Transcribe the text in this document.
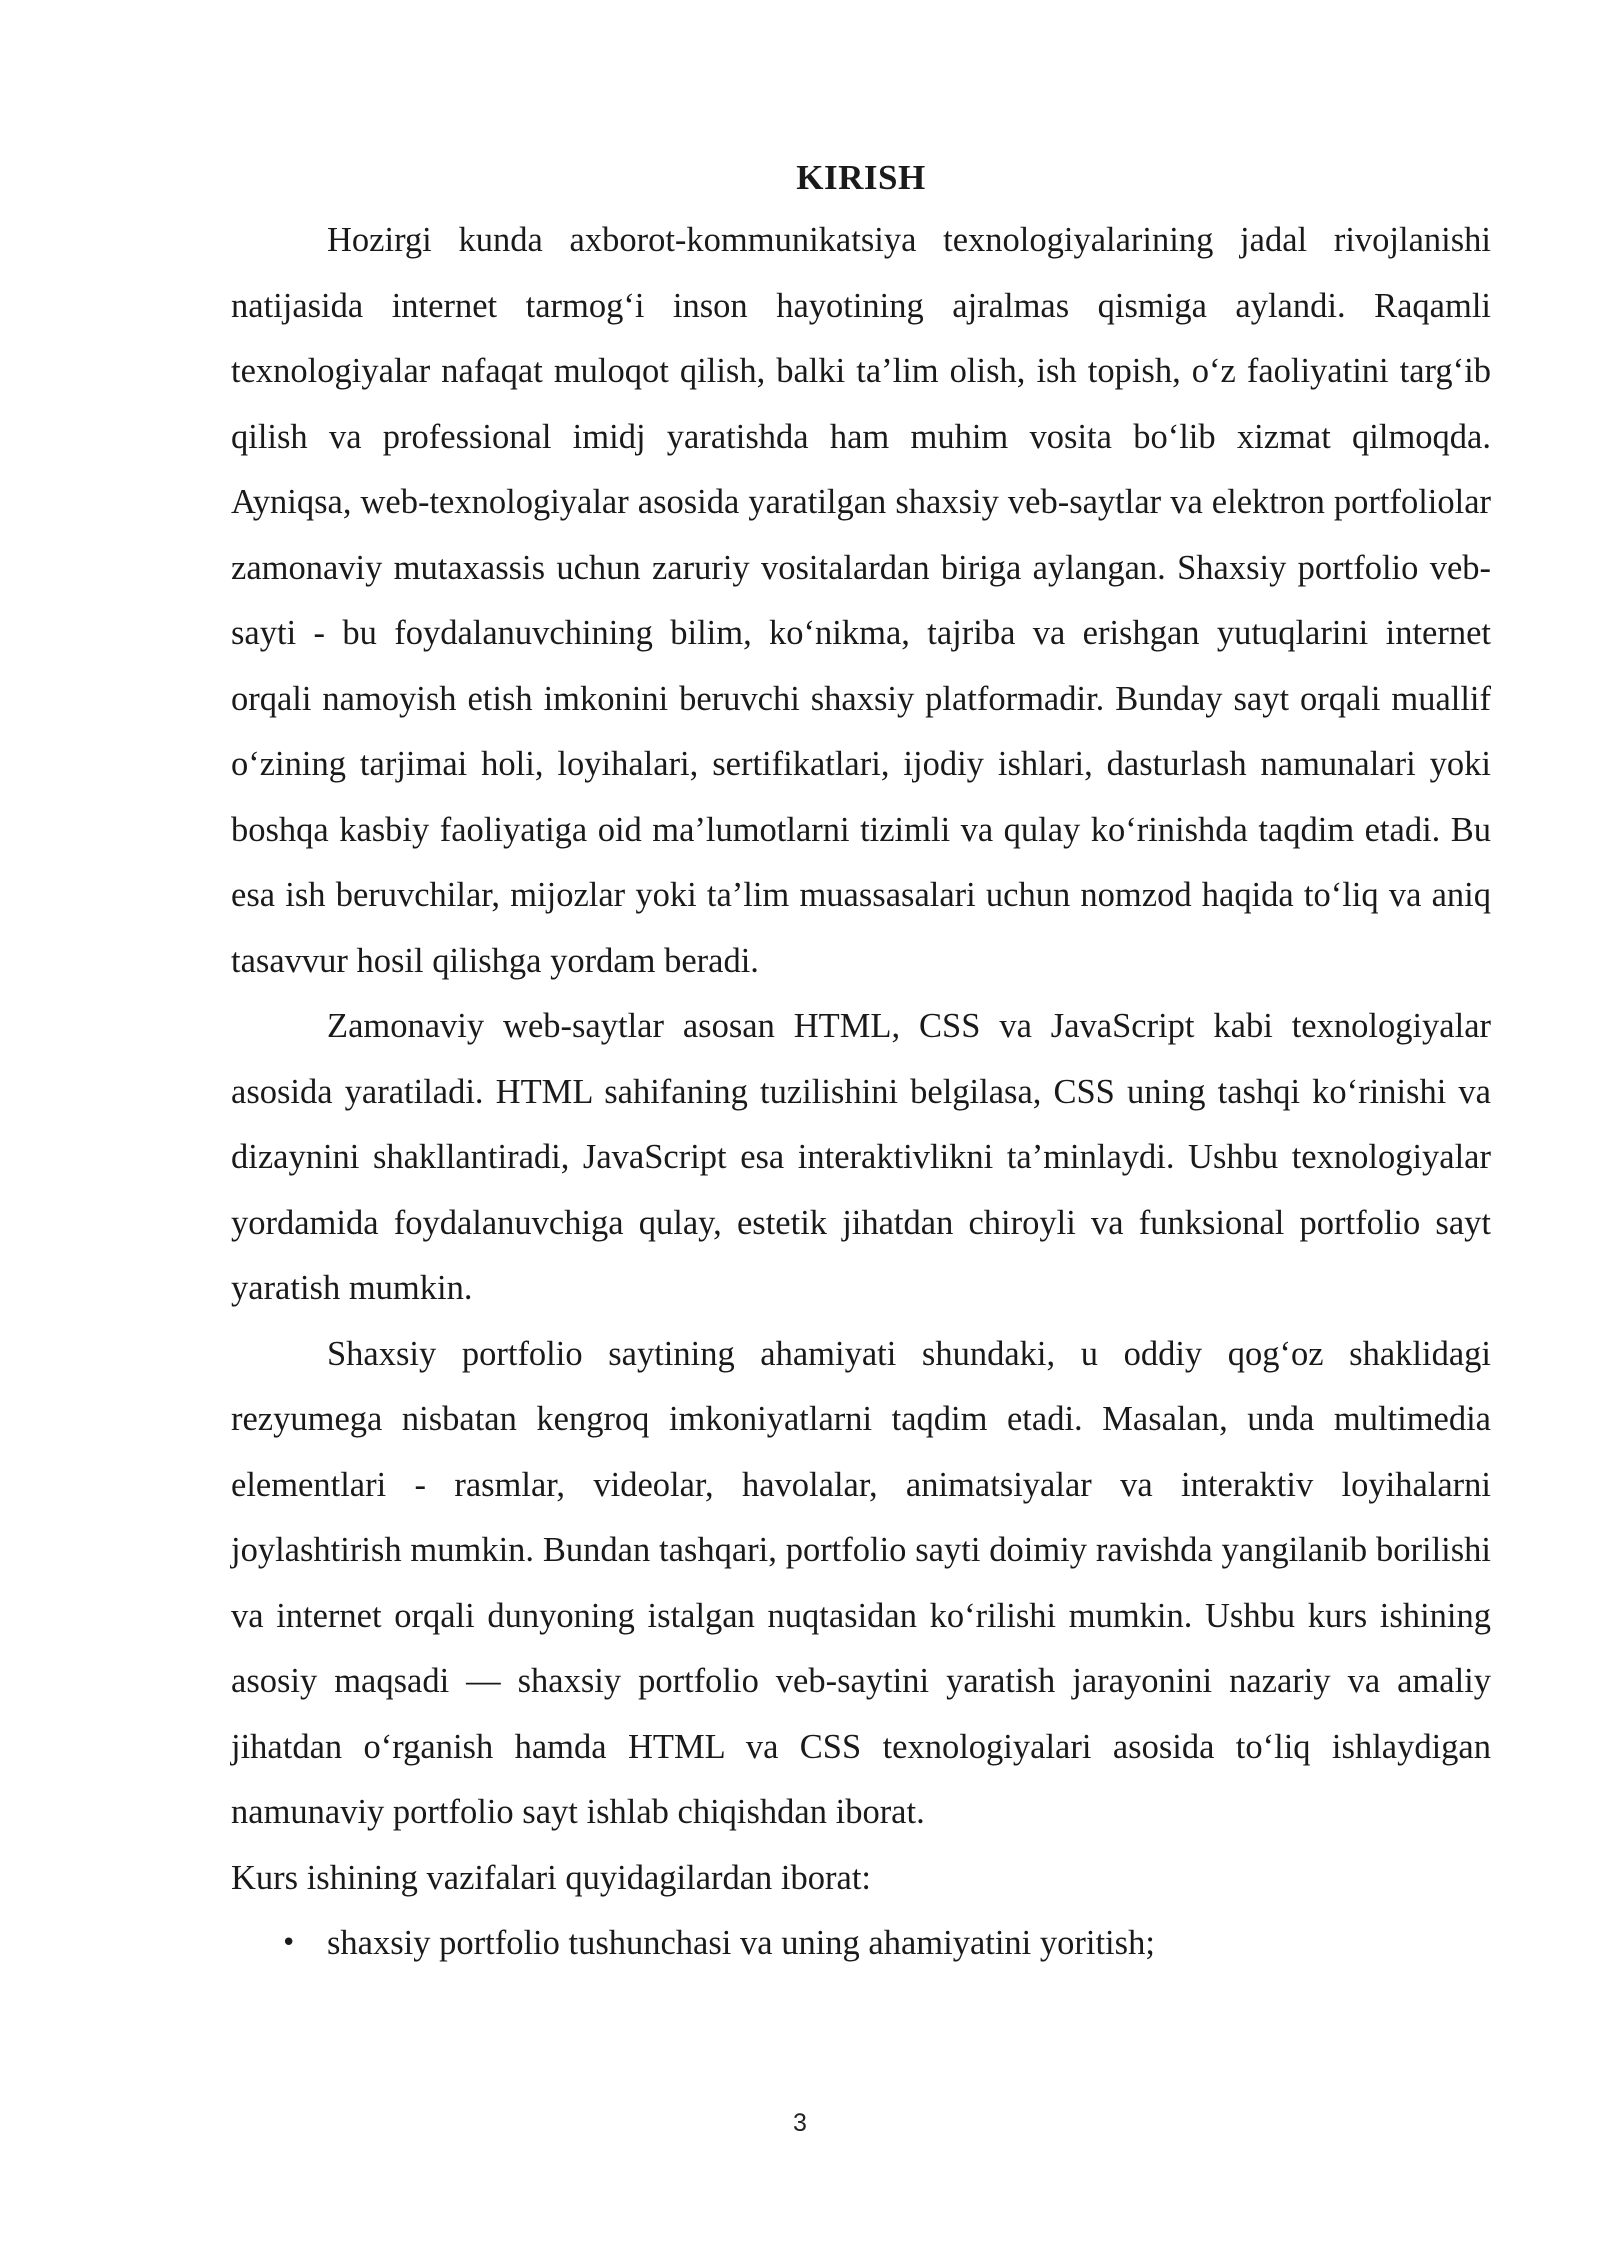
KIRISH

Hozirgi kunda axborot-kommunikatsiya texnologiyalarining jadal rivojlanishi natijasida internet tarmog‘i inson hayotining ajralmas qismiga aylandi. Raqamli texnologiyalar nafaqat muloqot qilish, balki ta’lim olish, ish topish, o‘z faoliyatini targ‘ib qilish va professional imidj yaratishda ham muhim vosita bo‘lib xizmat qilmoqda. Ayniqsa, web-texnologiyalar asosida yaratilgan shaxsiy veb-saytlar va elektron portfoliolar zamonaviy mutaxassis uchun zaruriy vositalardan biriga aylangan. Shaxsiy portfolio veb-sayti - bu foydalanuvchining bilim, ko‘nikma, tajriba va erishgan yutuqlarini internet orqali namoyish etish imkonini beruvchi shaxsiy platformadir. Bunday sayt orqali muallif o‘zining tarjimai holi, loyihalari, sertifikatlari, ijodiy ishlari, dasturlash namunalari yoki boshqa kasbiy faoliyatiga oid ma’lumotlarni tizimli va qulay ko‘rinishda taqdim etadi. Bu esa ish beruvchilar, mijozlar yoki ta’lim muassasalari uchun nomzod haqida to‘liq va aniq tasavvur hosil qilishga yordam beradi.

Zamonaviy web-saytlar asosan HTML, CSS va JavaScript kabi texnologiyalar asosida yaratiladi. HTML sahifaning tuzilishini belgilasa, CSS uning tashqi ko‘rinishi va dizaynini shakllantiradi, JavaScript esa interaktivlikni ta’minlaydi. Ushbu texnologiyalar yordamida foydalanuvchiga qulay, estetik jihatdan chiroyli va funksional portfolio sayt yaratish mumkin.

Shaxsiy portfolio saytining ahamiyati shundaki, u oddiy qog‘oz shaklidagi rezyumega nisbatan kengroq imkoniyatlarni taqdim etadi. Masalan, unda multimedia elementlari - rasmlar, videolar, havolalar, animatsiyalar va interaktiv loyihalarni joylashtirish mumkin. Bundan tashqari, portfolio sayti doimiy ravishda yangilanib borilishi va internet orqali dunyoning istalgan nuqtasidan ko‘rilishi mumkin. Ushbu kurs ishining asosiy maqsadi — shaxsiy portfolio veb-saytini yaratish jarayonini nazariy va amaliy jihatdan o‘rganish hamda HTML va CSS texnologiyalari asosida to‘liq ishlaydigan namunaviy portfolio sayt ishlab chiqishdan iborat.

Kurs ishining vazifalari quyidagilardan iborat:

• shaxsiy portfolio tushunchasi va uning ahamiyatini yoritish;
3
